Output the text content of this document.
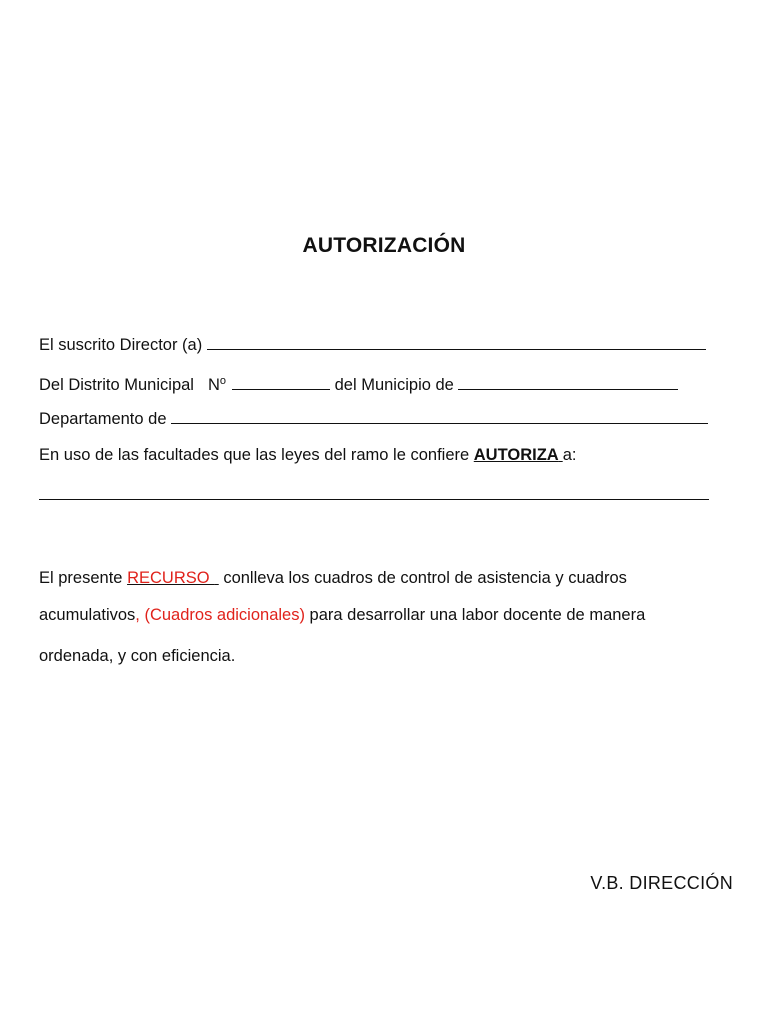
AUTORIZACIÓN
El suscrito Director (a)
Del Distrito Municipal $N^o$	del Municipio de
Departamento de
En uso de las facultades que las leyes del ramo le confiere AUTORIZA a:
El presente RECURSO   conlleva los cuadros de control de asistencia y cuadros
acumulativos, (Cuadros adicionales) para desarrollar una labor docente de manera
ordenada, y con eficiencia.
V.B. DIRECCIÓN
